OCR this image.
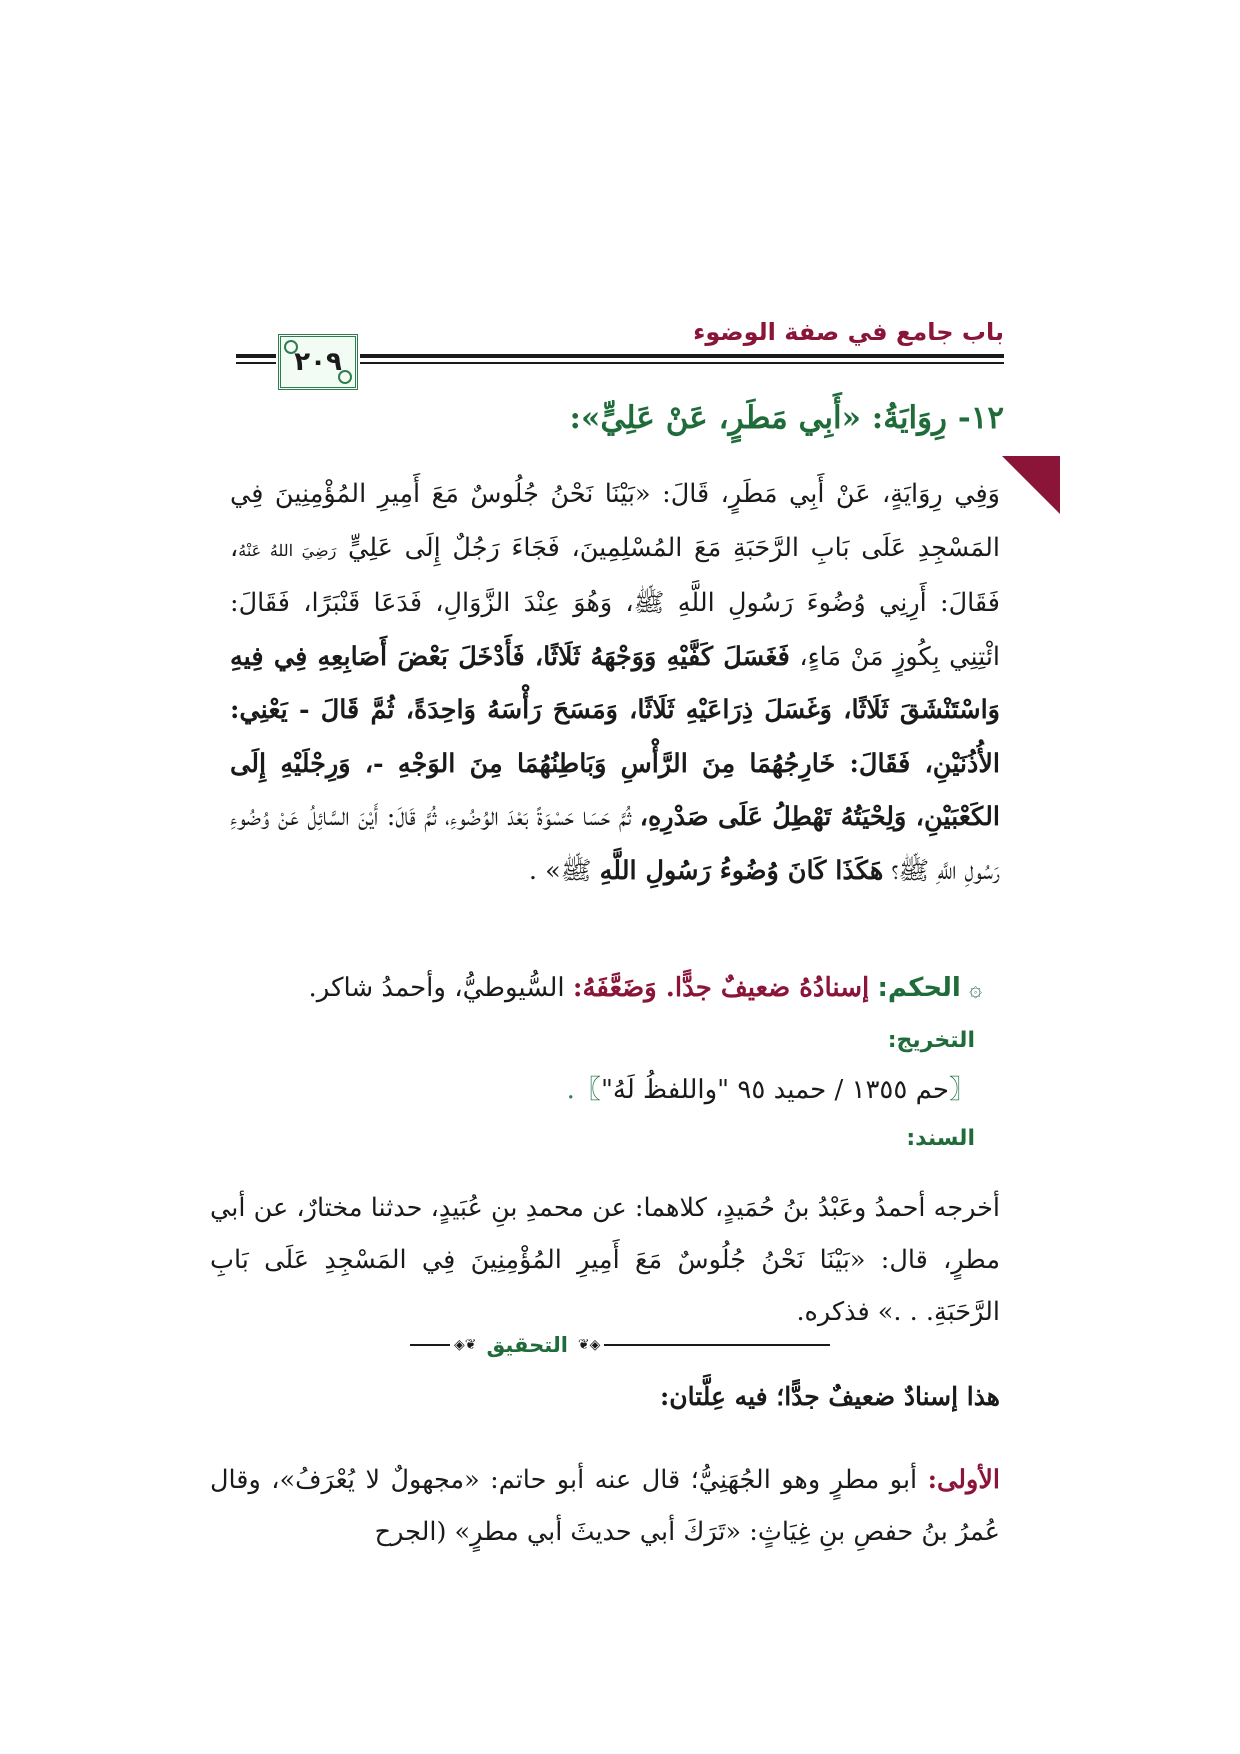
باب جامع في صفة الوضوء
٢٠٩
١٢- رِوَايَةُ: «أَبِي مَطَرٍ، عَنْ عَلِيٍّ»:
وَفِي رِوَايَةٍ، عَنْ أَبِي مَطَرٍ، قَالَ: «بَيْنَا نَحْنُ جُلُوسٌ مَعَ أَمِيرِ المُؤْمِنِينَ فِي المَسْجِدِ عَلَى بَابِ الرَّحَبَةِ مَعَ المُسْلِمِينَ، فَجَاءَ رَجُلٌ إِلَى عَلِيٍّ رَضِيَ اللهُ عَنْهُ، فَقَالَ: أَرِنِي وُضُوءَ رَسُولِ اللَّهِ ﷺ، وَهُوَ عِنْدَ الزَّوَالِ، فَدَعَا قَنْبَرًا، فَقَالَ: ائْتِنِي بِكُوزٍ مَنْ مَاءٍ، فَغَسَلَ كَفَّيْهِ وَوَجْهَهُ ثَلَاثًا، فَأَدْخَلَ بَعْضَ أَصَابِعِهِ فِي فِيهِ وَاسْتَنْشَقَ ثَلَاثًا، وَغَسَلَ ذِرَاعَيْهِ ثَلَاثًا، وَمَسَحَ رَأْسَهُ وَاحِدَةً، ثُمَّ قَالَ - يَعْنِي: الأُذُنَيْنِ، فَقَالَ: خَارِجُهُمَا مِنَ الرَّأْسِ وَبَاطِنُهُمَا مِنَ الوَجْهِ -، وَرِجْلَيْهِ إِلَى الكَعْبَيْنِ، وَلِحْيَتُهُ تَهْطِلُ عَلَى صَدْرِهِ، ثُمَّ حَسَا حَسْوَةً بَعْدَ الوُضُوءِ، ثُمَّ قَالَ: أَيْنَ السَّائِلُ عَنْ وُضُوءِ رَسُولِ اللَّهِ ﷺ؟ هَكَذَا كَانَ وُضُوءُ رَسُولِ اللَّهِ ﷺ» .
۞ الحكم: إسنادُهُ ضعيفٌ جدًّا. وَضَعَّفَهُ: السُّيوطيُّ، وأحمدُ شاكر.
التخريج:
〖حم ١٣٥٥ / حميد ٩٥ "واللفظُ لَهُ"〗.
السند:
أخرجه أحمدُ وعَبْدُ بنُ حُمَيدٍ، كلاهما: عن محمدِ بنِ عُبَيدٍ، حدثنا مختارٌ، عن أبي مطرٍ، قال: «بَيْنَا نَحْنُ جُلُوسٌ مَعَ أَمِيرِ المُؤْمِنِينَ فِي المَسْجِدِ عَلَى بَابِ الرَّحَبَةِ. . .» فذكره.
◈❦
التحقيق
❦◈
هذا إسنادٌ ضعيفٌ جدًّا؛ فيه عِلَّتان:
الأولى: أبو مطرٍ وهو الجُهَنِيُّ؛ قال عنه أبو حاتم: «مجهولٌ لا يُعْرَفُ»، وقال عُمرُ بنُ حفصِ بنِ غِيَاثٍ: «تَرَكَ أبي حديثَ أبي مطرٍ» (الجرح
